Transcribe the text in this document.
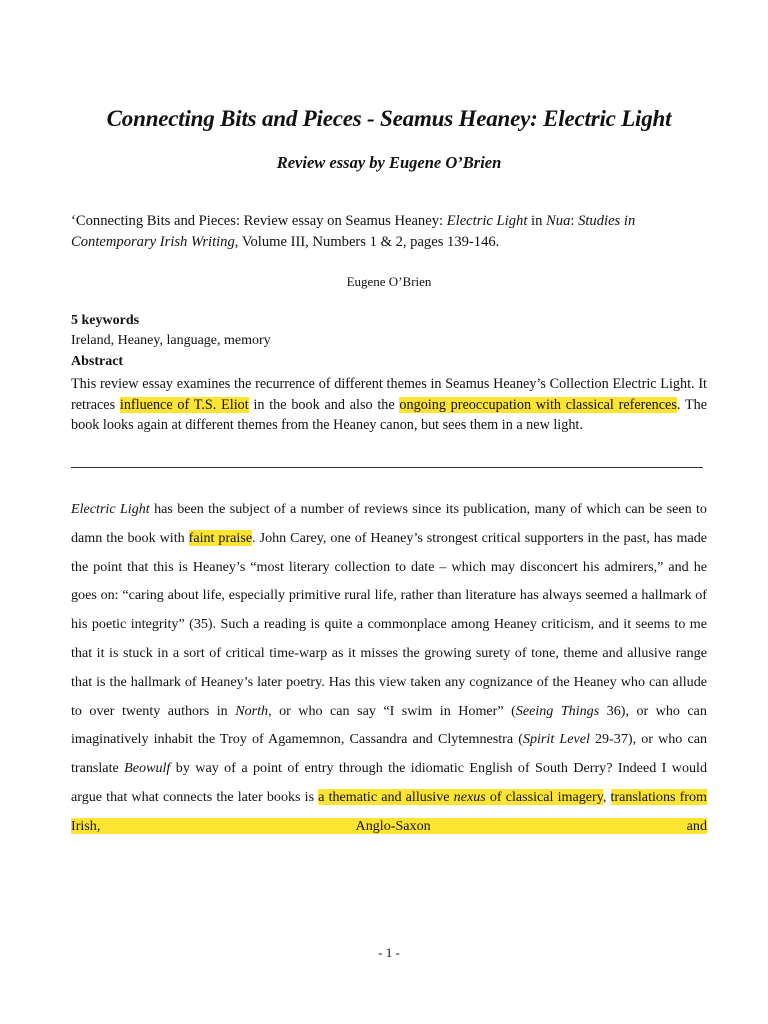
Connecting Bits and Pieces - Seamus Heaney: Electric Light
Review essay by Eugene O’Brien

‘Connecting Bits and Pieces: Review essay on Seamus Heaney: Electric Light in Nua: Studies in Contemporary Irish Writing, Volume III, Numbers 1 & 2, pages 139-146.

Eugene O’Brien

5 keywords

Ireland, Heaney, language, memory

Abstract

This review essay examines the recurrence of different themes in Seamus Heaney’s Collection Electric Light. It retraces influence of T.S. Eliot in the book and also the ongoing preoccupation with classical references. The book looks again at different themes from the Heaney canon, but sees them in a new light.

Electric Light has been the subject of a number of reviews since its publication, many of which can be seen to damn the book with faint praise. John Carey, one of Heaney’s strongest critical supporters in the past, has made the point that this is Heaney’s “most literary collection to date – which may disconcert his admirers,” and he goes on: “caring about life, especially primitive rural life, rather than literature has always seemed a hallmark of his poetic integrity” (35). Such a reading is quite a commonplace among Heaney criticism, and it seems to me that it is stuck in a sort of critical time-warp as it misses the growing surety of tone, theme and allusive range that is the hallmark of Heaney’s later poetry. Has this view taken any cognizance of the Heaney who can allude to over twenty authors in North, or who can say “I swim in Homer” (Seeing Things 36), or who can imaginatively inhabit the Troy of Agamemnon, Cassandra and Clytemnestra (Spirit Level 29-37), or who can translate Beowulf by way of a point of entry through the idiomatic English of South Derry? Indeed I would argue that what connects the later books is a thematic and allusive nexus of classical imagery, translations from Irish, Anglo-Saxon and

- 1 -
